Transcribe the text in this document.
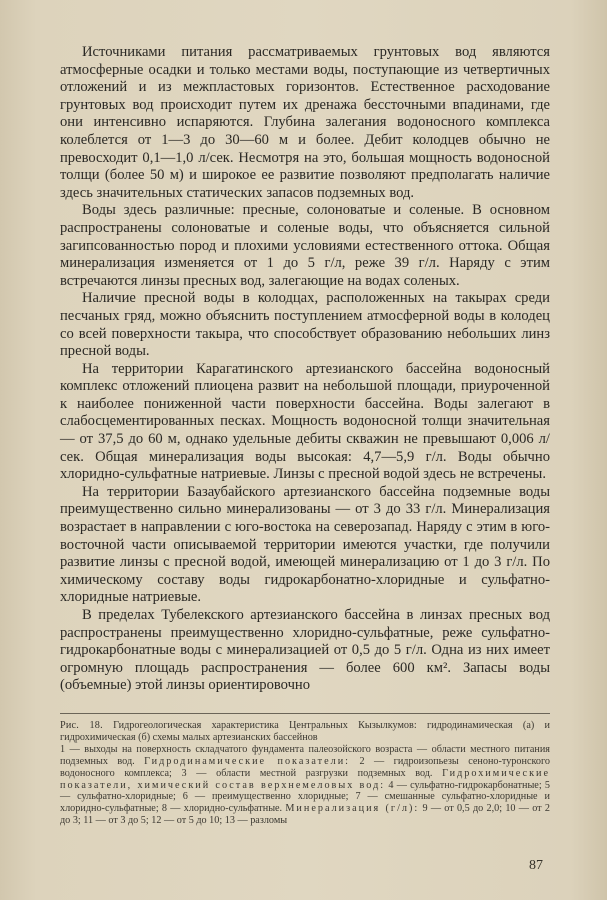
Источниками питания рассматриваемых грунтовых вод являются атмосферные осадки и только местами воды, поступающие из четвертичных отложений и из межпластовых горизонтов. Естественное расходование грунтовых вод происходит путем их дренажа бессточными впадинами, где они интенсивно испаряются. Глубина залегания водоносного комплекса колеблется от 1—3 до 30—60 м и более. Дебит колодцев обычно не превосходит 0,1—1,0 л/сек. Несмотря на это, большая мощность водоносной толщи (более 50 м) и широкое ее развитие позволяют предполагать наличие здесь значительных статических запасов подземных вод.

Воды здесь различные: пресные, солоноватые и соленые. В основном распространены солоноватые и соленые воды, что объясняется сильной загипсованностью пород и плохими условиями естественного оттока. Общая минерализация изменяется от 1 до 5 г/л, реже 39 г/л. Наряду с этим встречаются линзы пресных вод, залегающие на водах соленых.

Наличие пресной воды в колодцах, расположенных на такырах среди песчаных гряд, можно объяснить поступлением атмосферной воды в колодец со всей поверхности такыра, что способствует образованию небольших линз пресной воды.

На территории Карагатинского артезианского бассейна водоносный комплекс отложений плиоцена развит на небольшой площади, приуроченной к наиболее пониженной части поверхности бассейна. Воды залегают в слабосцементированных песках. Мощность водоносной толщи значительная — от 37,5 до 60 м, однако удельные дебиты скважин не превышают 0,006 л/сек. Общая минерализация воды высокая: 4,7—5,9 г/л. Воды обычно хлоридно-сульфатные натриевые. Линзы с пресной водой здесь не встречены.

На территории Базаубайского артезианского бассейна подземные воды преимущественно сильно минерализованы — от 3 до 33 г/л. Минерализация возрастает в направлении с юго-востока на северозапад. Наряду с этим в юго-восточной части описываемой территории имеются участки, где получили развитие линзы с пресной водой, имеющей минерализацию от 1 до 3 г/л. По химическому составу воды гидрокарбонатно-хлоридные и сульфатно-хлоридные натриевые.

В пределах Тубелекского артезианского бассейна в линзах пресных вод распространены преимущественно хлоридно-сульфатные, реже сульфатно-гидрокарбонатные воды с минерализацией от 0,5 до 5 г/л. Одна из них имеет огромную площадь распространения — более 600 км². Запасы воды (объемные) этой линзы ориентировочно

Рис. 18. Гидрогеологическая характеристика Центральных Кызылкумов: гидродинамическая (а) и гидрохимическая (б) схемы малых артезианских бассейнов

1 — выходы на поверхность складчатого фундамента палеозойского возраста — области местного питания подземных вод. Гидродинамические показатели: 2 — гидроизопьезы сеноно-туронского водоносного комплекса; 3 — области местной разгрузки подземных вод. Гидрохимические показатели, химический состав верхнемеловых вод: 4 — сульфатно-гидрокарбонатные; 5 — сульфатно-хлоридные; 6 — преимущественно хлоридные; 7 — смешанные сульфатно-хлоридные и хлоридно-сульфатные; 8 — хлоридно-сульфатные. Минерализация (г/л): 9 — от 0,5 до 2,0; 10 — от 2 до 3; 11 — от 3 до 5; 12 — от 5 до 10; 13 — разломы

87
